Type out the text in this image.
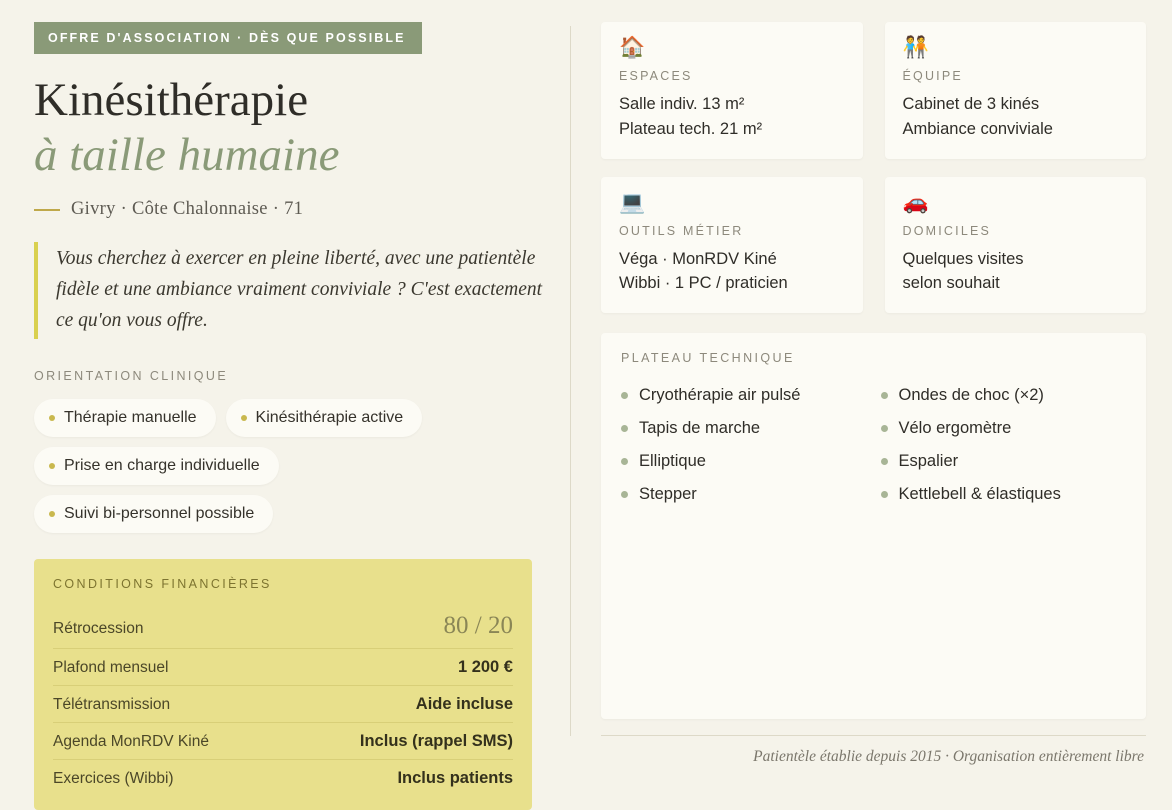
OFFRE D'ASSOCIATION · DÈS QUE POSSIBLE
Kinésithérapie
à taille humaine
Givry · Côte Chalonnaise · 71

Vous cherchez à exercer en pleine liberté, avec une patientèle fidèle et une ambiance vraiment conviviale ? C'est exactement ce qu'on vous offre.

ORIENTATION CLINIQUE
Thérapie manuelle	Kinésithérapie active
Prise en charge individuelle
Suivi bi-personnel possible
CONDITIONS FINANCIÈRES
Rétrocession	80 / 20
Plafond mensuel	1 200 €
Télétransmission	Aide incluse
Agenda MonRDV Kiné	Inclus (rappel SMS)
Exercices (Wibbi)	Inclus patients
🏠
ESPACES
Salle indiv. 13 m²
Plateau tech. 21 m²
🧑‍🤝‍🧑
ÉQUIPE
Cabinet de 3 kinés
Ambiance conviviale
💻
OUTILS MÉTIER
Véga · MonRDV Kiné
Wibbi · 1 PC / praticien
🚗
DOMICILES
Quelques visites
selon souhait
PLATEAU TECHNIQUE
Cryothérapie air pulsé	Ondes de choc (×2)
Tapis de marche	Vélo ergomètre
Elliptique	Espalier
Stepper	Kettlebell & élastiques
Patientèle établie depuis 2015 · Organisation entièrement libre
